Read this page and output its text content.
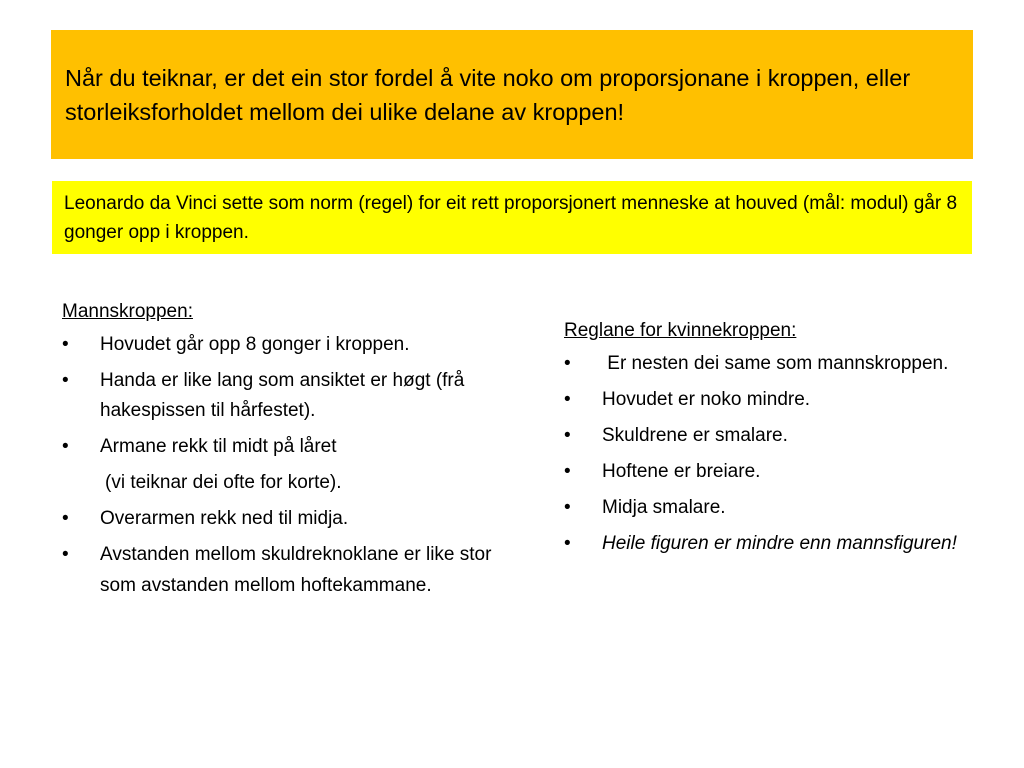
Når du teiknar, er det ein stor fordel å vite noko om proporsjonane i kroppen, eller storleiksforholdet mellom dei ulike delane av kroppen!
Leonardo da Vinci sette som norm (regel) for eit rett proporsjonert menneske at houved (mål: modul) går 8 gonger opp i kroppen.
Mannskroppen:
• Hovudet går opp 8 gonger i kroppen.
• Handa er like lang som ansiktet er høgt (frå hakespissen til hårfestet).
• Armane rekk til midt på låret
(vi teiknar dei ofte for korte).
• Overarmen rekk ned til midja.
• Avstanden mellom skuldreknoklane er like stor som avstanden mellom hoftekammane.
Reglane for kvinnekroppen:
• Er nesten dei same som mannskroppen.
• Hovudet er noko mindre.
• Skuldrene er smalare.
• Hoftene er breiare.
• Midja smalare.
• Heile figuren er mindre enn mannsfiguren!
